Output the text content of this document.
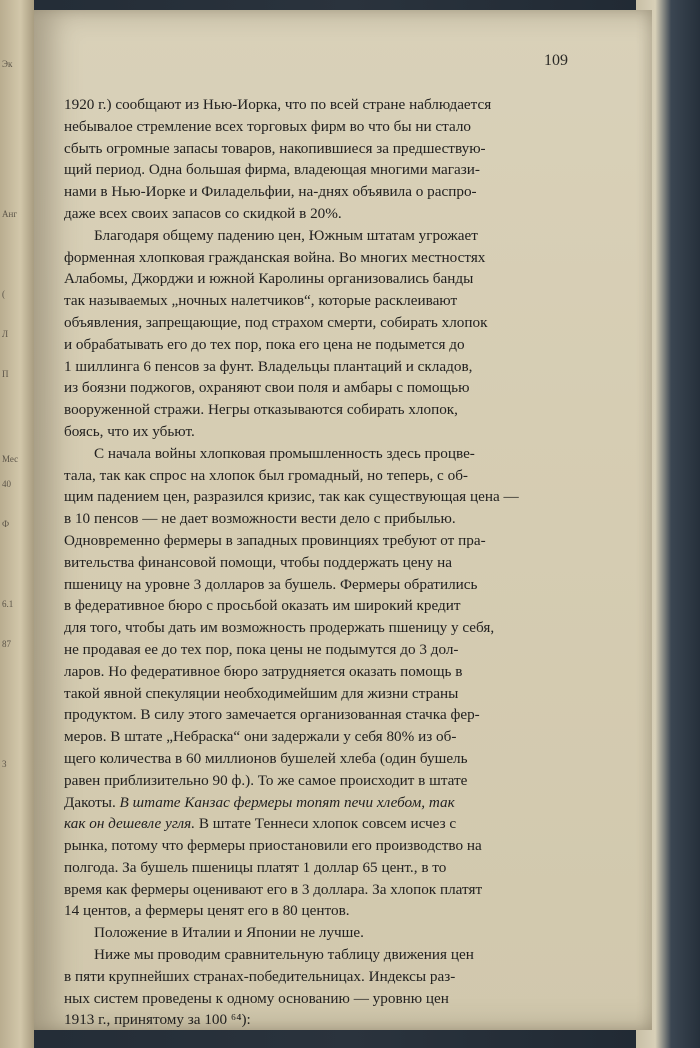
Эк
Анг
(
Л
П
Мес
40
Ф
6.1
87
3
109

1920 г.) сообщают из Нью-Иорка, что по всей стране наблюдается
небывалое стремление всех торговых фирм во что бы ни стало
сбыть огромные запасы товаров, накопившиеся за предшествую-
щий период. Одна большая фирма, владеющая многими магази-
нами в Нью-Иорке и Филадельфии, на-днях объявила о распро-
даже всех своих запасов со скидкой в 20%.

Благодаря общему падению цен, Южным штатам угрожает
форменная хлопковая гражданская война. Во многих местностях
Алабомы, Джорджи и южной Каролины организовались банды
так называемых „ночных налетчиков“, которые расклеивают
объявления, запрещающие, под страхом смерти, собирать хлопок
и обрабатывать его до тех пор, пока его цена не подымется до
1 шиллинга 6 пенсов за фунт. Владельцы плантаций и складов,
из боязни поджогов, охраняют свои поля и амбары с помощью
вооруженной стражи. Негры отказываются собирать хлопок,
боясь, что их убьют.

С начала войны хлопковая промышленность здесь процве-
тала, так как спрос на хлопок был громадный, но теперь, с об-
щим падением цен, разразился кризис, так как существующая цена —
в 10 пенсов — не дает возможности вести дело с прибылью.
Одновременно фермеры в западных провинциях требуют от пра-
вительства финансовой помощи, чтобы поддержать цену на
пшеницу на уровне 3 долларов за бушель. Фермеры обратились
в федеративное бюро с просьбой оказать им широкий кредит
для того, чтобы дать им возможность продержать пшеницу у себя,
не продавая ее до тех пор, пока цены не подымутся до 3 дол-
ларов. Но федеративное бюро затрудняется оказать помощь в
такой явной спекуляции необходимейшим для жизни страны
продуктом. В силу этого замечается организованная стачка фер-
меров. В штате „Небраска“ они задержали у себя 80% из об-
щего количества в 60 миллионов бушелей хлеба (один бушель
равен приблизительно 90 ф.). То же самое происходит в штате
Дакоты. В штате Канзас фермеры топят печи хлебом, так
как он дешевле угля. В штате Теннеси хлопок совсем исчез с
рынка, потому что фермеры приостановили его производство на
полгода. За бушель пшеницы платят 1 доллар 65 цент., в то
время как фермеры оценивают его в 3 доллара. За хлопок платят
14 центов, а фермеры ценят его в 80 центов.

Положение в Италии и Японии не лучше.

Ниже мы проводим сравнительную таблицу движения цен
в пяти крупнейших странах-победительницах. Индексы раз-
ных систем проведены к одному основанию — уровню цен
1913 г., принятому за 100 ⁶⁴):
